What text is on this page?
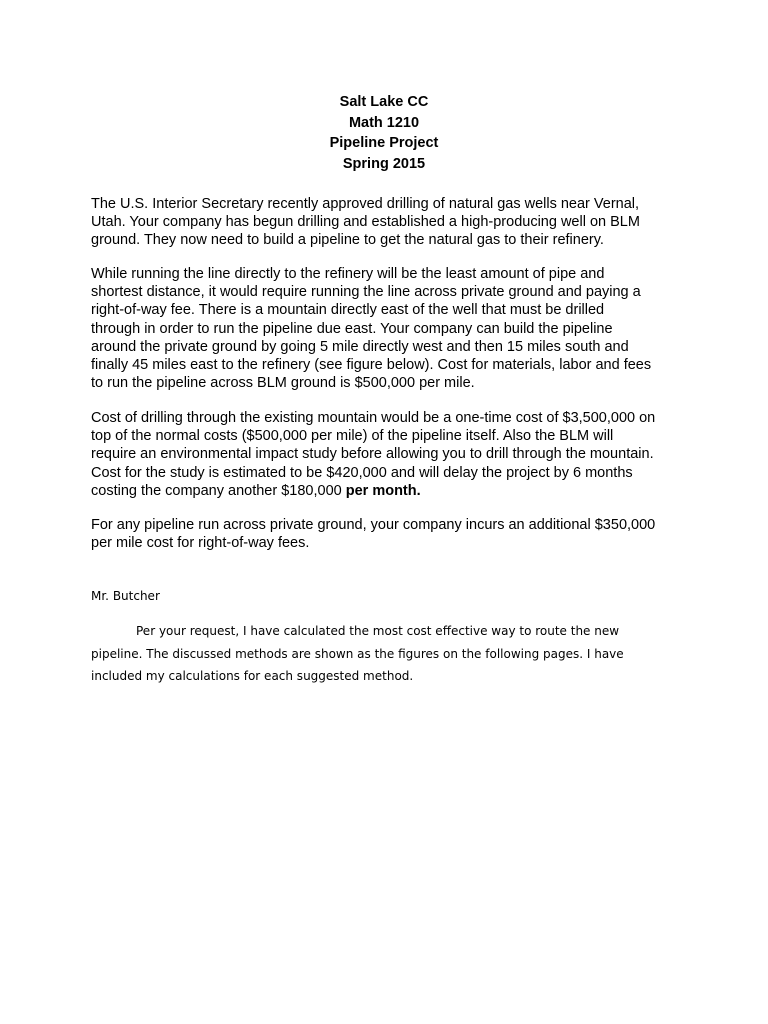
Salt Lake CC
Math 1210
Pipeline Project
Spring 2015
The U.S. Interior Secretary recently approved drilling of natural gas wells near Vernal,
Utah. Your company has begun drilling and established a high-producing well on BLM
ground. They now need to build a pipeline to get the natural gas to their refinery.
While running the line directly to the refinery will be the least amount of pipe and
shortest distance, it would require running the line across private ground and paying a
right-of-way fee. There is a mountain directly east of the well that must be drilled
through in order to run the pipeline due east. Your company can build the pipeline
around the private ground by going 5 mile directly west and then 15 miles south and
finally 45 miles east to the refinery (see figure below). Cost for materials, labor and fees
to run the pipeline across BLM ground is $500,000 per mile.
Cost of drilling through the existing mountain would be a one-time cost of $3,500,000 on
top of the normal costs ($500,000 per mile) of the pipeline itself. Also the BLM will
require an environmental impact study before allowing you to drill through the mountain.
Cost for the study is estimated to be $420,000 and will delay the project by 6 months
costing the company another $180,000 per month.
For any pipeline run across private ground, your company incurs an additional $350,000
per mile cost for right-of-way fees.
Mr. Butcher
Per your request, I have calculated the most cost effective way to route the new
pipeline. The discussed methods are shown as the figures on the following pages. I have
included my calculations for each suggested method.
